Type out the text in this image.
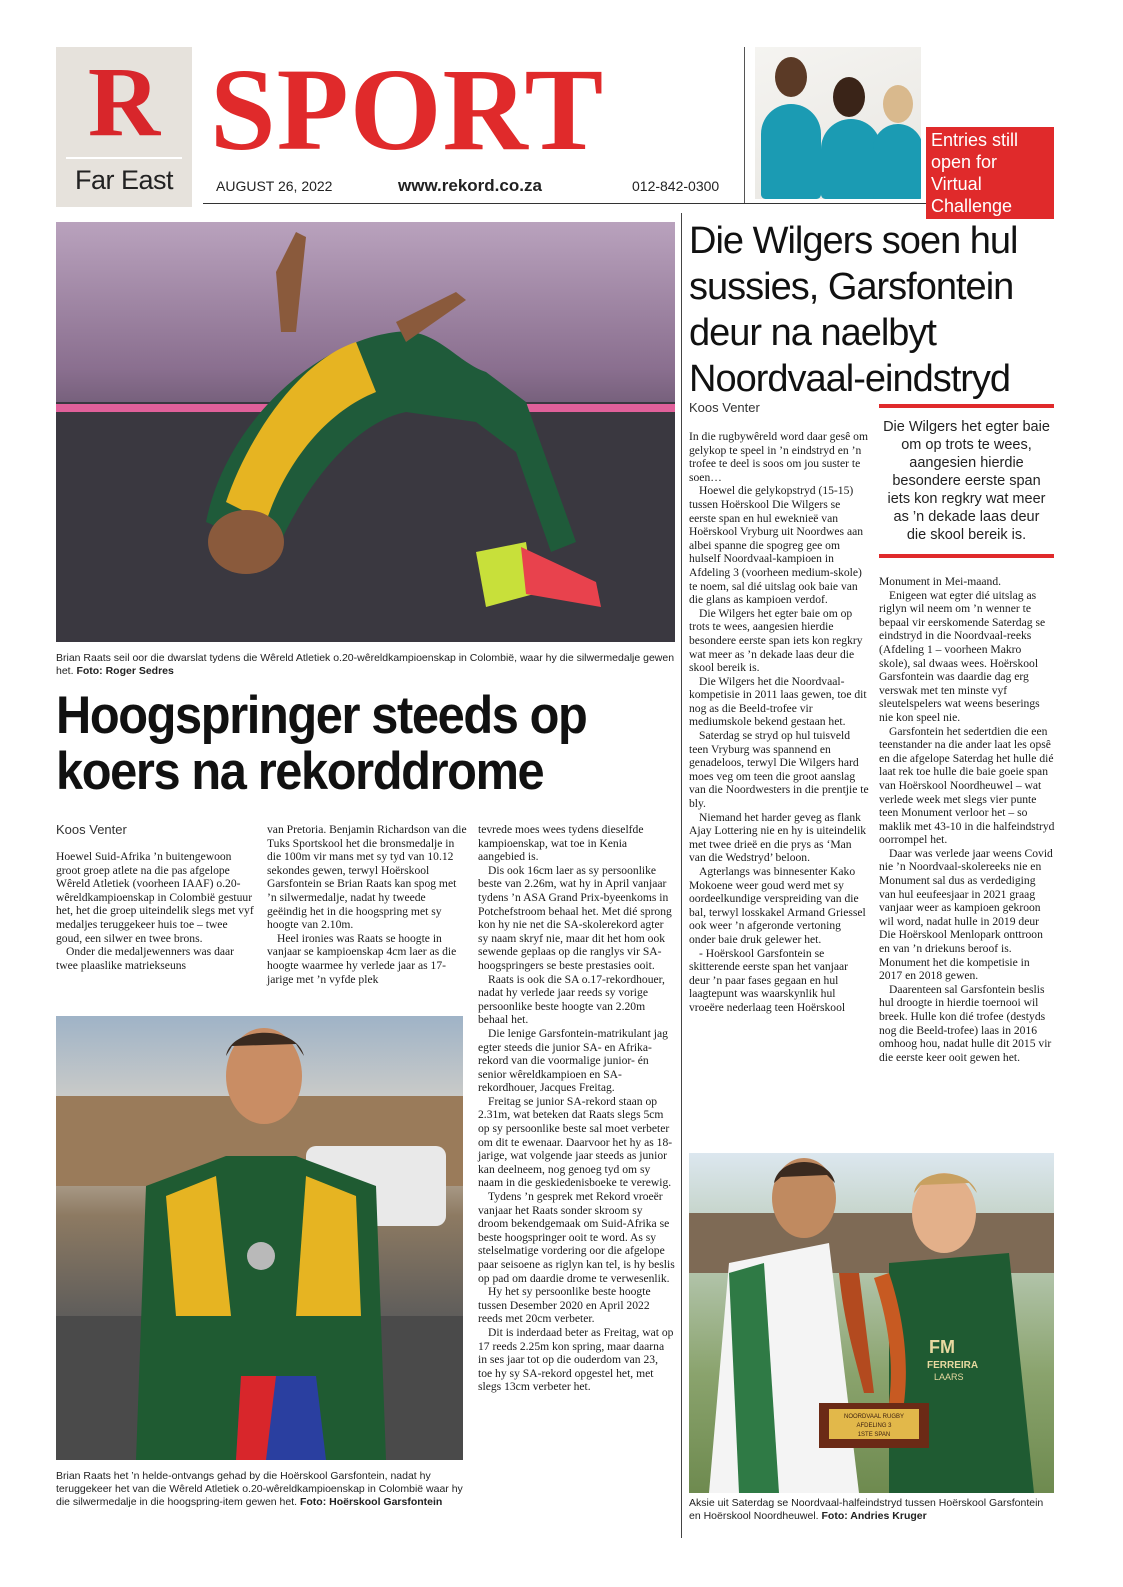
R
Far East
SPORT
AUGUST 26, 2022	www.rekord.co.za	012-842-0300
Entries still
open for Virtual
Challenge
Brian Raats seil oor die dwarslat tydens die Wêreld Atletiek o.20-wêreldkampioenskap in Colombië, waar hy die silwermedalje gewen het. Foto: Roger Sedres
Hoogspringer steeds op koers na rekorddrome
Koos Venter

Hoewel Suid-Afrika ’n buitengewoon groot groep atlete na die pas afgelope Wêreld Atletiek (voorheen IAAF) o.20-wêreldkampioenskap in Colombië gestuur het, het die groep uiteindelik slegs met vyf medaljes teruggekeer huis toe – twee goud, een silwer en twee brons.

Onder die medaljewenners was daar twee plaaslike matriekseuns

van Pretoria. Benjamin Richardson van die Tuks Sportskool het die bronsmedalje in die 100m vir mans met sy tyd van 10.12 sekondes gewen, terwyl Hoërskool Garsfontein se Brian Raats kan spog met ’n silwermedalje, nadat hy tweede geëindig het in die hoogspring met sy hoogte van 2.10m.

Heel ironies was Raats se hoogte in vanjaar se kampioenskap 4cm laer as die hoogte waarmee hy verlede jaar as 17-jarige met ’n vyfde plek

tevrede moes wees tydens dieselfde kampioenskap, wat toe in Kenia aangebied is.

Dis ook 16cm laer as sy persoonlike beste van 2.26m, wat hy in April vanjaar tydens ’n ASA Grand Prix-byeenkoms in Potchefstroom behaal het. Met dié sprong kon hy nie net die SA-skolerekord agter sy naam skryf nie, maar dit het hom ook sewende geplaas op die ranglys vir SA-hoogspringers se beste prestasies ooit.

Raats is ook die SA o.17-rekordhouer, nadat hy verlede jaar reeds sy vorige persoonlike beste hoogte van 2.20m behaal het.

Die lenige Garsfontein-matrikulant jag egter steeds die junior SA- en Afrika-rekord van die voormalige junior- én senior wêreldkampioen en SA-rekordhouer, Jacques Freitag.

Freitag se junior SA-rekord staan op 2.31m, wat beteken dat Raats slegs 5cm op sy persoonlike beste sal moet verbeter om dit te ewenaar. Daarvoor het hy as 18-jarige, wat volgende jaar steeds as junior kan deelneem, nog genoeg tyd om sy naam in die geskiedenisboeke te verewig.

Tydens ’n gesprek met Rekord vroeër vanjaar het Raats sonder skroom sy droom bekendgemaak om Suid-Afrika se beste hoogspringer ooit te word. As sy stelselmatige vordering oor die afgelope paar seisoene as riglyn kan tel, is hy beslis op pad om daardie drome te verwesenlik.

Hy het sy persoonlike beste hoogte tussen Desember 2020 en April 2022 reeds met 20cm verbeter.

Dit is inderdaad beter as Freitag, wat op 17 reeds 2.25m kon spring, maar daarna in ses jaar tot op die ouderdom van 23, toe hy sy SA-rekord opgestel het, met slegs 13cm verbeter het.

Brian Raats het ’n helde-ontvangs gehad by die Hoërskool Garsfontein, nadat hy teruggekeer het van die Wêreld Atletiek o.20-wêreldkampioenskap in Colombië waar hy die silwermedalje in die hoogspring-item gewen het. Foto: Hoërskool Garsfontein
Die Wilgers soen hul sussies, Garsfontein deur na naelbyt Noordvaal-eindstryd
Koos Venter
Die Wilgers het egter baie om op trots te wees, aangesien hierdie besondere eerste span iets kon regkry wat meer as ’n dekade laas deur die skool bereik is.

In die rugbywêreld word daar gesê om gelykop te speel in ’n eindstryd en ’n trofee te deel is soos om jou suster te soen…

Hoewel die gelykopstryd (15-15) tussen Hoërskool Die Wilgers se eerste span en hul eweknieë van Hoërskool Vryburg uit Noordwes aan albei spanne die spogreg gee om hulself Noordvaal-kampioen in Afdeling 3 (voorheen medium-skole) te noem, sal dié uitslag ook baie van die glans as kampioen verdof.

Die Wilgers het egter baie om op trots te wees, aangesien hierdie besondere eerste span iets kon regkry wat meer as ’n dekade laas deur die skool bereik is.

Die Wilgers het die Noordvaal-kompetisie in 2011 laas gewen, toe dit nog as die Beeld-trofee vir mediumskole bekend gestaan het.

Saterdag se stryd op hul tuisveld teen Vryburg was spannend en genadeloos, terwyl Die Wilgers hard moes veg om teen die groot aanslag van die Noordwesters in die prentjie te bly.

Niemand het harder geveg as flank Ajay Lottering nie en hy is uiteindelik met twee drieë en die prys as ‘Man van die Wedstryd’ beloon.

Agterlangs was binnesenter Kako Mokoene weer goud werd met sy oordeelkundige verspreiding van die bal, terwyl losskakel Armand Griessel ook weer ’n afgeronde vertoning onder baie druk gelewer het.

- Hoërskool Garsfontein se skitterende eerste span het vanjaar deur ’n paar fases gegaan en hul laagtepunt was waarskynlik hul vroeëre nederlaag teen Hoërskool

Monument in Mei-maand.

Enigeen wat egter dié uitslag as riglyn wil neem om ’n wenner te bepaal vir eerskomende Saterdag se eindstryd in die Noordvaal-reeks (Afdeling 1 – voorheen Makro skole), sal dwaas wees. Hoërskool Garsfontein was daardie dag erg verswak met ten minste vyf sleutelspelers wat weens beserings nie kon speel nie.

Garsfontein het sedertdien die een teenstander na die ander laat les opsê en die afgelope Saterdag het hulle dié laat rek toe hulle die baie goeie span van Hoërskool Noordheuwel – wat verlede week met slegs vier punte teen Monument verloor het – so maklik met 43-10 in die halfeindstryd oorrompel het.

Daar was verlede jaar weens Covid nie ’n Noordvaal-skolereeks nie en Monument sal dus as verdediging van hul eeufeesjaar in 2021 graag vanjaar weer as kampioen gekroon wil word, nadat hulle in 2019 deur Die Hoërskool Menlopark onttroon en van ’n driekuns beroof is. Monument het die kompetisie in 2017 en 2018 gewen.

Daarenteen sal Garsfontein beslis hul droogte in hierdie toernooi wil breek. Hulle kon dié trofee (destyds nog die Beeld-trofee) laas in 2016 omhoog hou, nadat hulle dit 2015 vir die eerste keer ooit gewen het.

NOORDVAAL RUGBY
AFDELING 3
1STE SPAN
FM
FERREIRA
LAARS
Aksie uit Saterdag se Noordvaal-halfeindstryd tussen Hoërskool Garsfontein en Hoërskool Noordheuwel. Foto: Andries Kruger
